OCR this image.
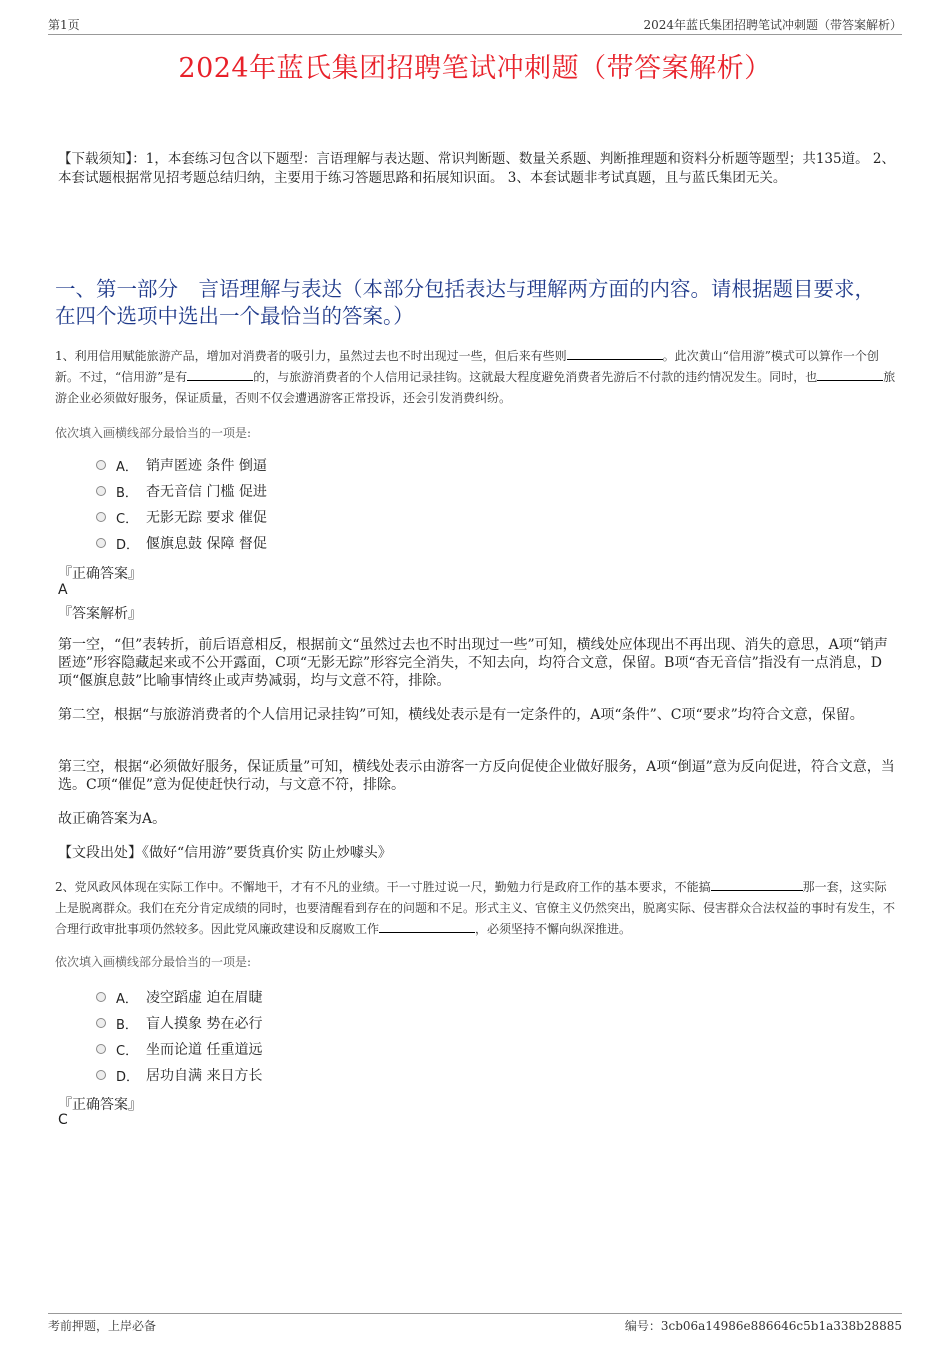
第1页	2024年蓝氏集团招聘笔试冲刺题（带答案解析）
2024年蓝氏集团招聘笔试冲刺题（带答案解析）
【下载须知】：1，本套练习包含以下题型：言语理解与表达题、常识判断题、数量关系题、判断推理题和资料分析题等题型；共135道。 2、本套试题根据常见招考题总结归纳，主要用于练习答题思路和拓展知识面。 3、本套试题非考试真题，且与蓝氏集团无关。
一、第一部分　言语理解与表达（本部分包括表达与理解两方面的内容。请根据题目要求，在四个选项中选出一个最恰当的答案。）
1、利用信用赋能旅游产品，增加对消费者的吸引力，虽然过去也不时出现过一些，但后来有些则	。此次黄山“信用游”模式可以算作一个创新。不过，“信用游”是有	的，与旅游消费者的个人信用记录挂钩。这就最大程度避免消费者先游后不付款的违约情况发生。同时，也	旅游企业必须做好服务，保证质量，否则不仅会遭遇游客正常投诉，还会引发消费纠纷。
依次填入画横线部分最恰当的一项是:
A． 销声匿迹 条件 倒逼
B． 杳无音信 门槛 促进
C． 无影无踪 要求 催促
D． 偃旗息鼓 保障 督促
『正确答案』
A
『答案解析』
第一空，“但”表转折，前后语意相反，根据前文“虽然过去也不时出现过一些”可知，横线处应体现出不再出现、消失的意思，A项“销声匿迹”形容隐藏起来或不公开露面，C项“无影无踪”形容完全消失，不知去向，均符合文意，保留。B项“杳无音信”指没有一点消息，D项“偃旗息鼓”比喻事情终止或声势减弱，均与文意不符，排除。
第二空，根据“与旅游消费者的个人信用记录挂钩”可知，横线处表示是有一定条件的，A项“条件”、C项“要求”均符合文意，保留。
第三空，根据“必须做好服务，保证质量”可知，横线处表示由游客一方反向促使企业做好服务，A项“倒逼”意为反向促进，符合文意，当选。C项“催促”意为促使赶快行动，与文意不符，排除。
故正确答案为A。
【文段出处】《做好“信用游”要货真价实 防止炒噱头》
2、党风政风体现在实际工作中。不懈地干，才有不凡的业绩。干一寸胜过说一尺，勤勉力行是政府工作的基本要求，不能搞	那一套，这实际上是脱离群众。我们在充分肯定成绩的同时，也要清醒看到存在的问题和不足。形式主义、官僚主义仍然突出，脱离实际、侵害群众合法权益的事时有发生，不合理行政审批事项仍然较多。因此党风廉政建设和反腐败工作	，必须坚持不懈向纵深推进。
依次填入画横线部分最恰当的一项是:
A． 凌空蹈虚 迫在眉睫
B． 盲人摸象 势在必行
C． 坐而论道 任重道远
D． 居功自满 来日方长
『正确答案』
C
考前押题，上岸必备	编号：3cb06a14986e886646c5b1a338b28885
